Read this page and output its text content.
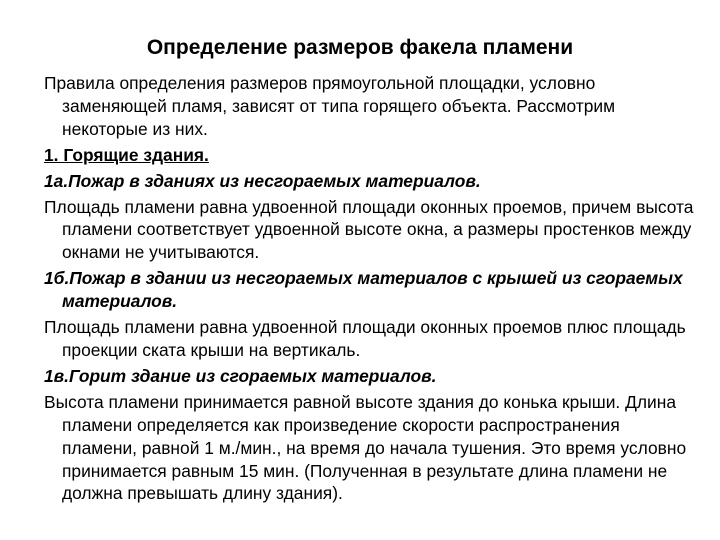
Определение размеров факела пламени

Правила определения размеров прямоугольной площадки, условно заменяющей пламя, зависят от типа горящего объекта. Рассмотрим некоторые из них.

1. Горящие здания.

1а.Пожар в зданиях из несгораемых материалов.

Площадь пламени равна удвоенной площади оконных проемов, причем высота пламени соответствует удвоенной высоте окна, а размеры простенков между окнами не учитываются.

1б.Пожар в здании из несгораемых материалов с крышей из сгораемых материалов.

Площадь пламени равна удвоенной площади оконных проемов плюс площадь проекции ската крыши на вертикаль.

1в.Горит здание из сгораемых материалов.

Высота пламени принимается равной высоте здания до конька крыши. Длина пламени определяется как произведение скорости распространения пламени, равной 1 м./мин., на время до начала тушения. Это время условно принимается равным 15 мин. (Полученная в результате длина пламени не должна превышать длину здания).
